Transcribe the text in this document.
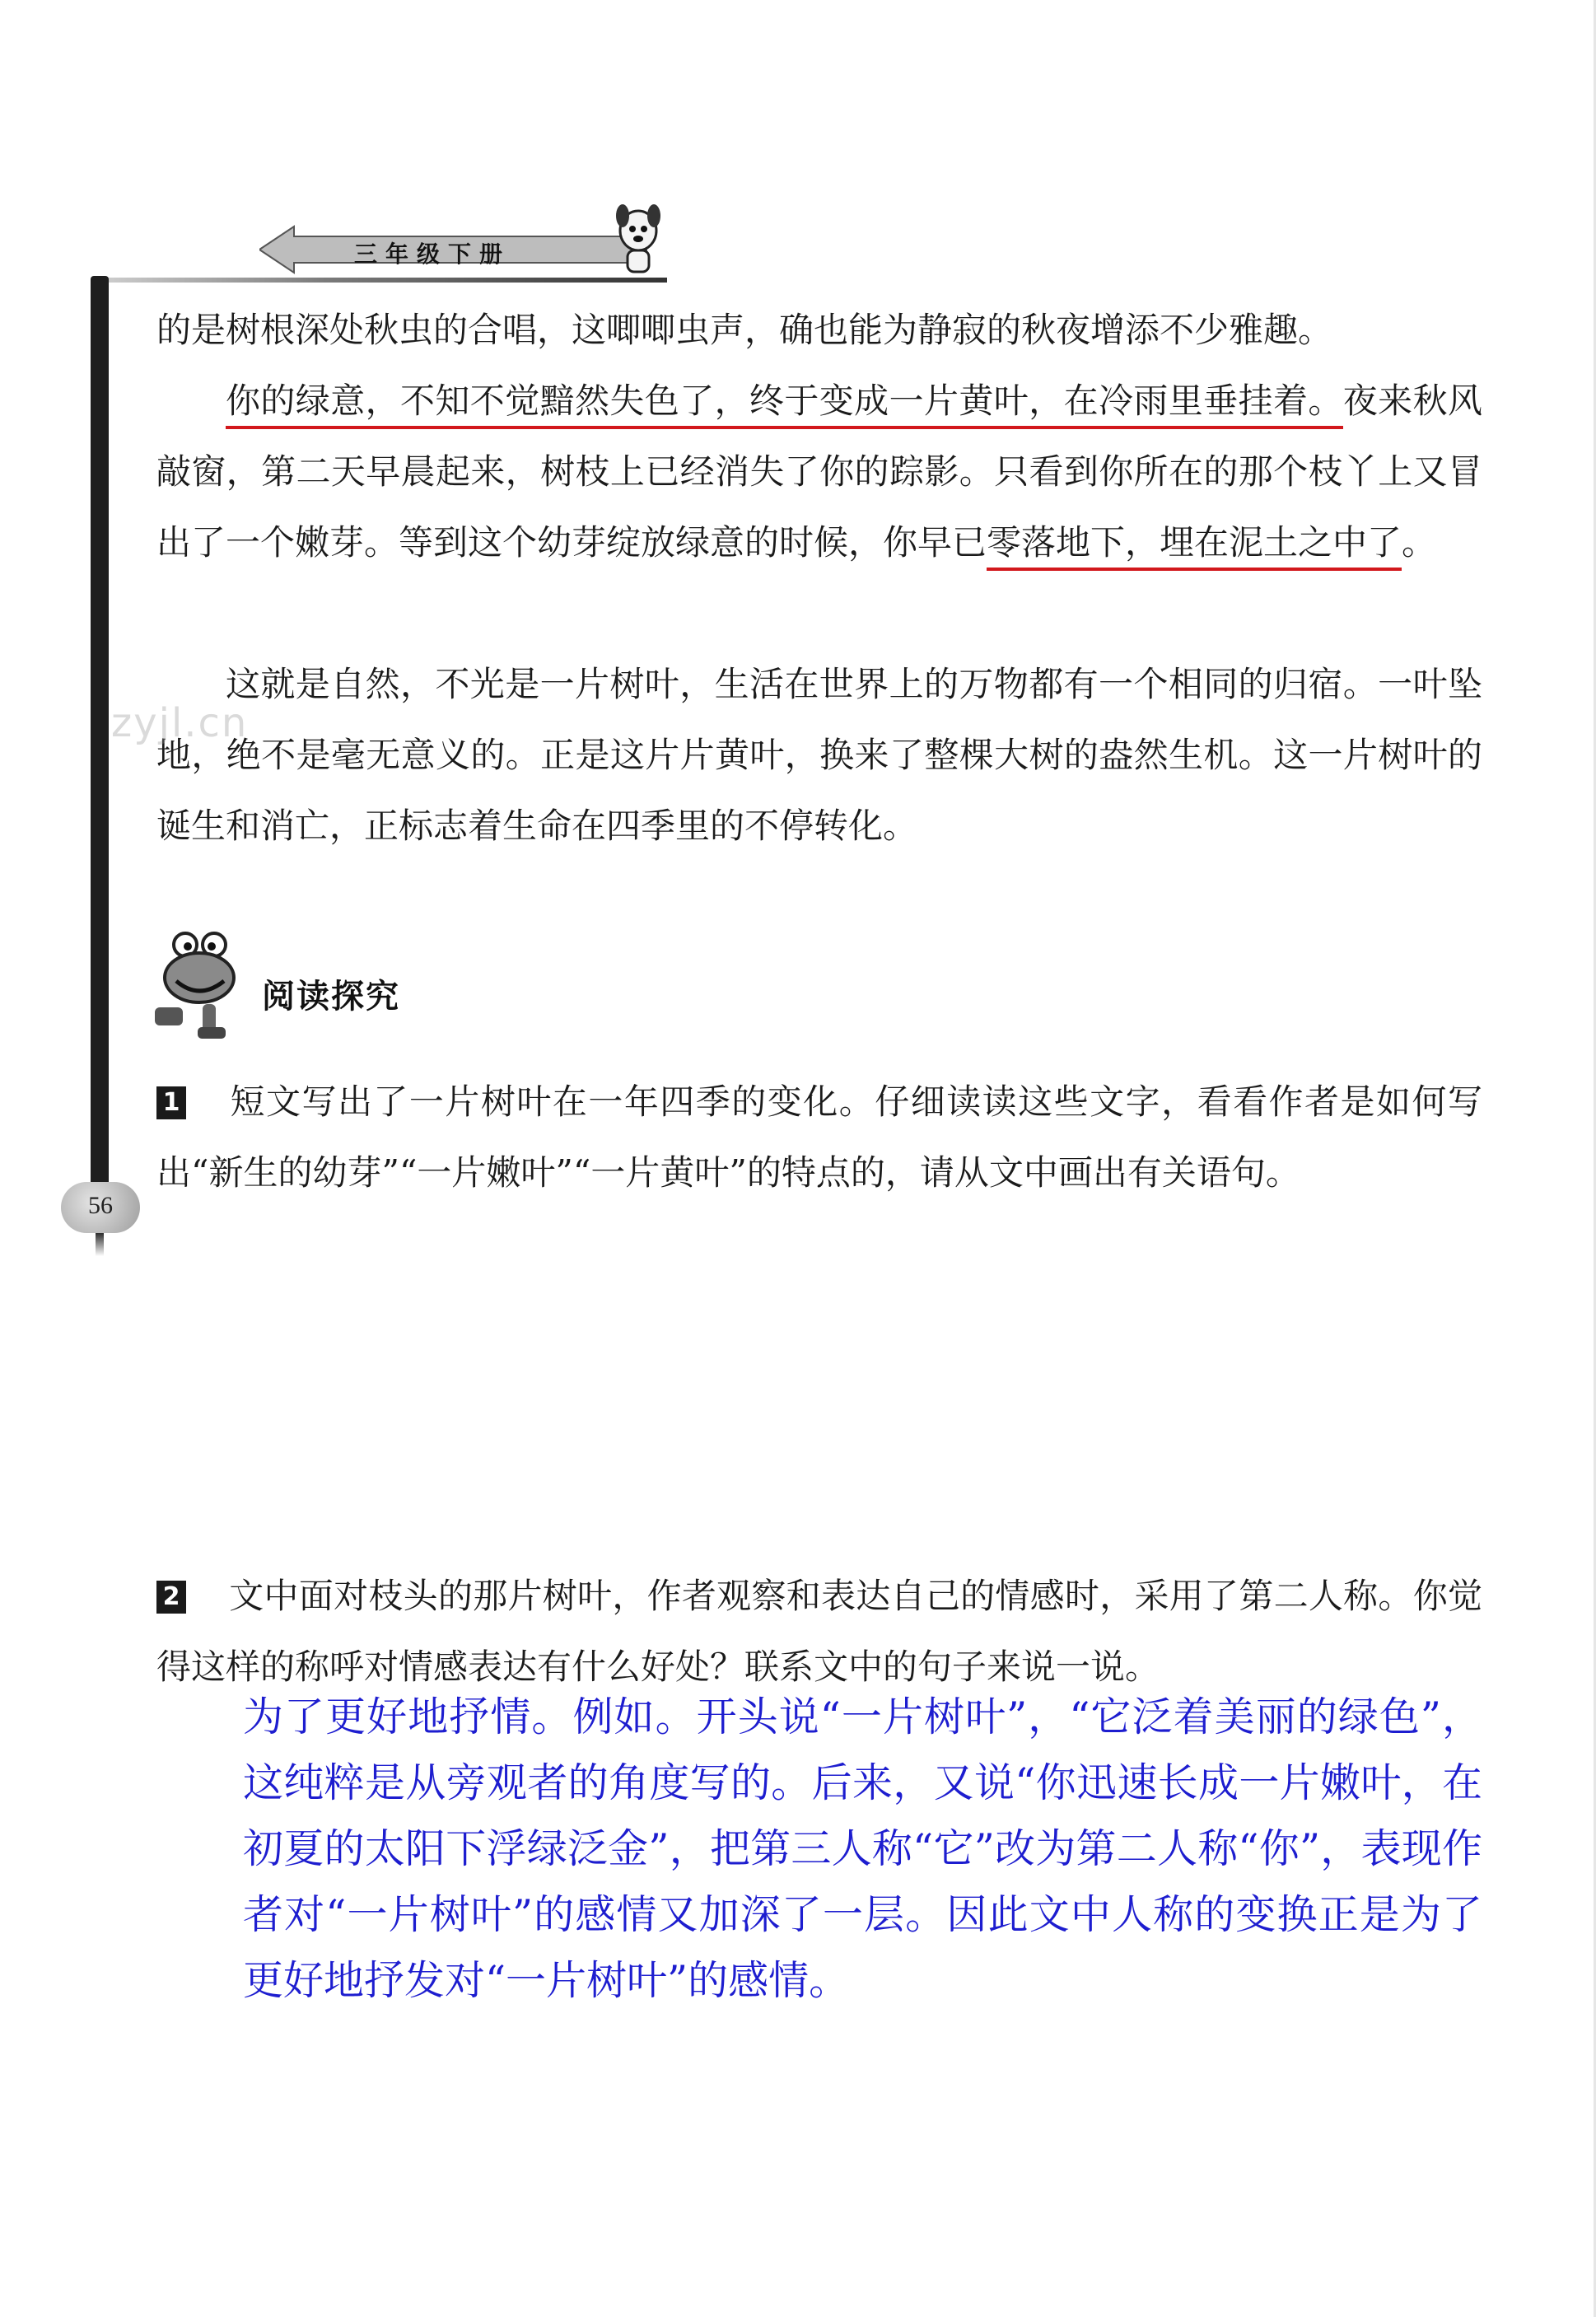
三年级下册
56

的是树根深处秋虫的合唱，这唧唧虫声，确也能为静寂的秋夜增添不少雅趣。

你的绿意，不知不觉黯然失色了，终于变成一片黄叶，在冷雨里垂挂着。夜来秋风敲窗，第二天早晨起来，树枝上已经消失了你的踪影。只看到你所在的那个枝丫上又冒出了一个嫩芽。等到这个幼芽绽放绿意的时候，你早已零落地下，埋在泥土之中了。

这就是自然，不光是一片树叶，生活在世界上的万物都有一个相同的归宿。一叶坠地，绝不是毫无意义的。正是这片片黄叶，换来了整棵大树的盎然生机。这一片树叶的诞生和消亡，正标志着生命在四季里的不停转化。

zyjl.cn
阅读探究

1 短文写出了一片树叶在一年四季的变化。仔细读读这些文字，看看作者是如何写出“新生的幼芽”“一片嫩叶”“一片黄叶”的特点的，请从文中画出有关语句。

2 文中面对枝头的那片树叶，作者观察和表达自己的情感时，采用了第二人称。你觉得这样的称呼对情感表达有什么好处？联系文中的句子来说一说。

为了更好地抒情。例如。开头说“一片树叶”，“它泛着美丽的绿色”，这纯粹是从旁观者的角度写的。后来，又说“你迅速长成一片嫩叶，在初夏的太阳下浮绿泛金”，把第三人称“它”改为第二人称“你”，表现作者对“一片树叶”的感情又加深了一层。因此文中人称的变换正是为了更好地抒发对“一片树叶”的感情。
